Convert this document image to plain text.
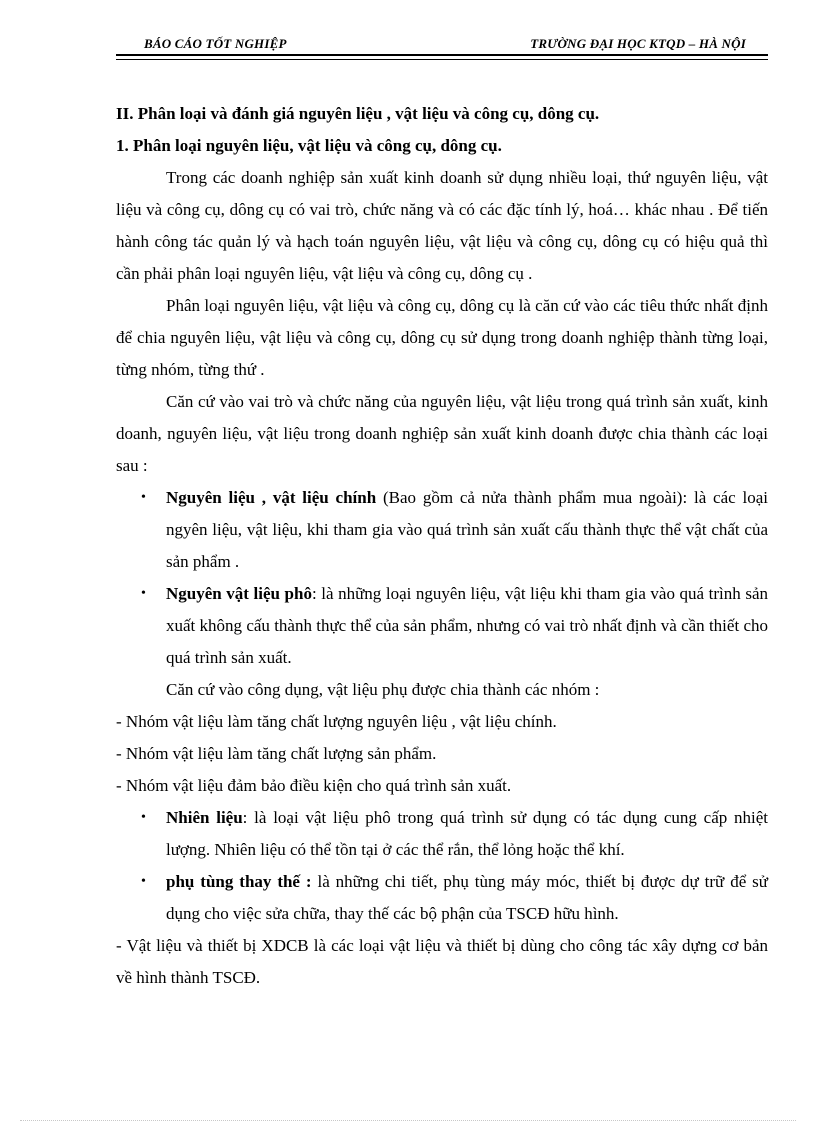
BÁO CÁO TỐT NGHIỆP	TRƯỜNG ĐẠI HỌC KTQD – HÀ NỘI

II. Phân loại và đánh giá nguyên liệu , vật liệu và công cụ, dông cụ.

1. Phân loại nguyên liệu, vật liệu và công cụ, dông cụ.

Trong các doanh nghiệp sản xuất kinh doanh sử dụng nhiều loại, thứ nguyên liệu, vật liệu và công cụ, dông cụ có vai trò, chức năng và có các đặc tính lý, hoá… khác nhau . Để tiến hành công tác quản lý và hạch toán nguyên liệu, vật liệu và công cụ, dông cụ có hiệu quả thì cần phải phân loại nguyên liệu, vật liệu và công cụ, dông cụ .

Phân loại nguyên liệu, vật liệu và công cụ, dông cụ là căn cứ vào các tiêu thức nhất định để chia nguyên liệu, vật liệu và công cụ, dông cụ sử dụng trong doanh nghiệp thành từng loại, từng nhóm, từng thứ .

Căn cứ vào vai trò và chức năng của nguyên liệu, vật liệu trong quá trình sản xuất, kinh doanh, nguyên liệu, vật liệu trong doanh nghiệp sản xuất kinh doanh được chia thành các loại sau :

• Nguyên liệu , vật liệu chính (Bao gồm cả nửa thành phẩm mua ngoài): là các loại ngyên liệu, vật liệu, khi tham gia vào quá trình sản xuất cấu thành thực thể vật chất của sản phẩm .
• Nguyên vật liệu phô: là những loại nguyên liệu, vật liệu khi tham gia vào quá trình sản xuất không cấu thành thực thể của sản phẩm, nhưng có vai trò nhất định và cần thiết cho quá trình sản xuất.

Căn cứ vào công dụng, vật liệu phụ được chia thành các nhóm :

- Nhóm vật liệu làm tăng chất lượng nguyên liệu , vật liệu chính.

- Nhóm vật liệu làm tăng chất lượng sản phẩm.

- Nhóm vật liệu đảm bảo điều kiện cho quá trình sản xuất.

• Nhiên liệu: là loại vật liệu phô trong quá trình sử dụng có tác dụng cung cấp nhiệt lượng. Nhiên liệu có thể tồn tại ở các thể rắn, thể lỏng hoặc thể khí.
• phụ tùng thay thế : là những chi tiết, phụ tùng máy móc, thiết bị được dự trữ để sử dụng cho việc sửa chữa, thay thế các bộ phận của TSCĐ hữu hình.

- Vật liệu và thiết bị XDCB là các loại vật liệu và thiết bị dùng cho công tác xây dựng cơ bản về hình thành TSCĐ.
